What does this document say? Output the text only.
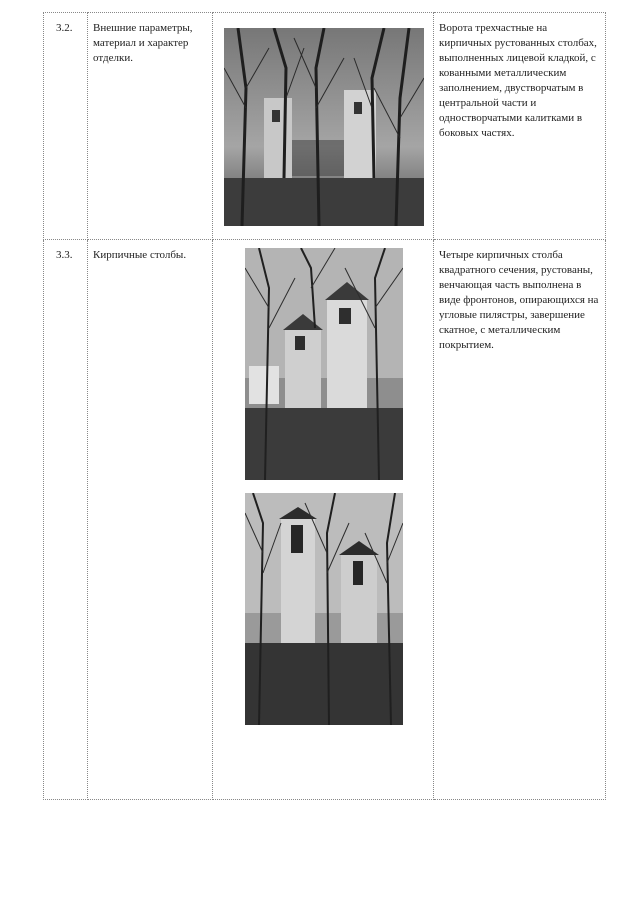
3.2.	Внешние параметры, материал и характер отделки.		Ворота трехчастные на кирпичных рустованных столбах, выполненных лицевой кладкой, с кованными металлическим заполнением, двустворчатым в центральной части и одностворчатыми калитками в боковых частях.
3.3.	Кирпичные столбы.		Четыре кирпичных столба квадратного сечения, рустованы, венчающая часть выполнена в виде фронтонов, опирающихся на угловые пилястры, завершение скатное, с металлическим покрытием.
